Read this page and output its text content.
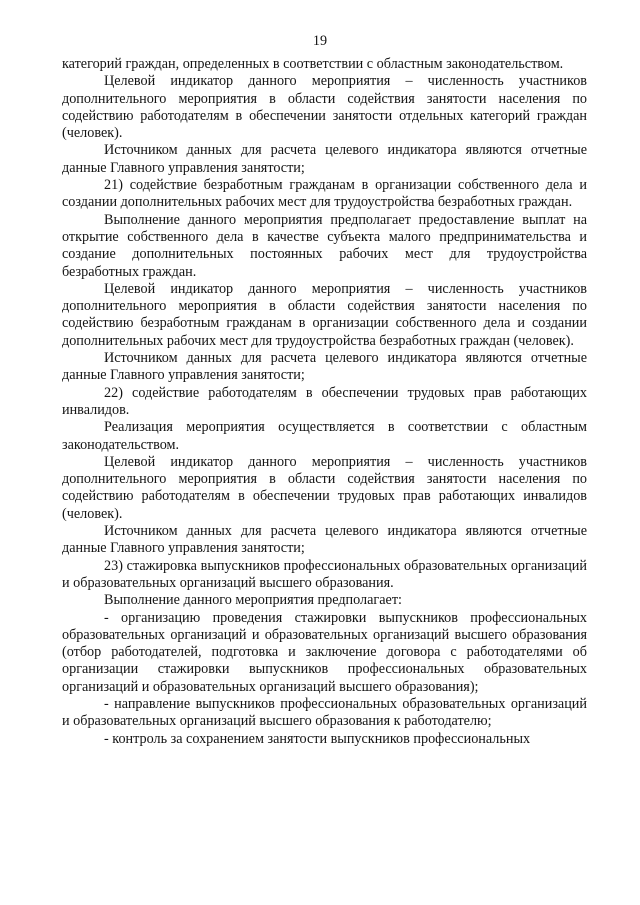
19

категорий граждан, определенных в соответствии с областным законодательством.

Целевой индикатор данного мероприятия – численность участников дополнительного мероприятия в области содействия занятости населения по содействию работодателям в обеспечении занятости отдельных категорий граждан (человек).

Источником данных для расчета целевого индикатора являются отчетные данные Главного управления занятости;

21) содействие безработным гражданам в организации собственного дела и создании дополнительных рабочих мест для трудоустройства безработных граждан.

Выполнение данного мероприятия предполагает предоставление выплат на открытие собственного дела в качестве субъекта малого предпринимательства и создание дополнительных постоянных рабочих мест для трудоустройства безработных граждан.

Целевой индикатор данного мероприятия – численность участников дополнительного мероприятия в области содействия занятости населения по содействию безработным гражданам в организации собственного дела и создании дополнительных рабочих мест для трудоустройства безработных граждан (человек).

Источником данных для расчета целевого индикатора являются отчетные данные Главного управления занятости;

22) содействие работодателям в обеспечении трудовых прав работающих инвалидов.

Реализация мероприятия осуществляется в соответствии с областным законодательством.

Целевой индикатор данного мероприятия – численность участников дополнительного мероприятия в области содействия занятости населения по содействию работодателям в обеспечении трудовых прав работающих инвалидов (человек).

Источником данных для расчета целевого индикатора являются отчетные данные Главного управления занятости;

23) стажировка выпускников профессиональных образовательных организаций и образовательных организаций высшего образования.

Выполнение данного мероприятия предполагает:

- организацию проведения стажировки выпускников профессиональных образовательных организаций и образовательных организаций высшего образования (отбор работодателей, подготовка и заключение договора с работодателями об организации стажировки выпускников профессиональных образовательных организаций и образовательных организаций высшего образования);

- направление выпускников профессиональных образовательных организаций и образовательных организаций высшего образования к работодателю;

- контроль за сохранением занятости выпускников профессиональных
